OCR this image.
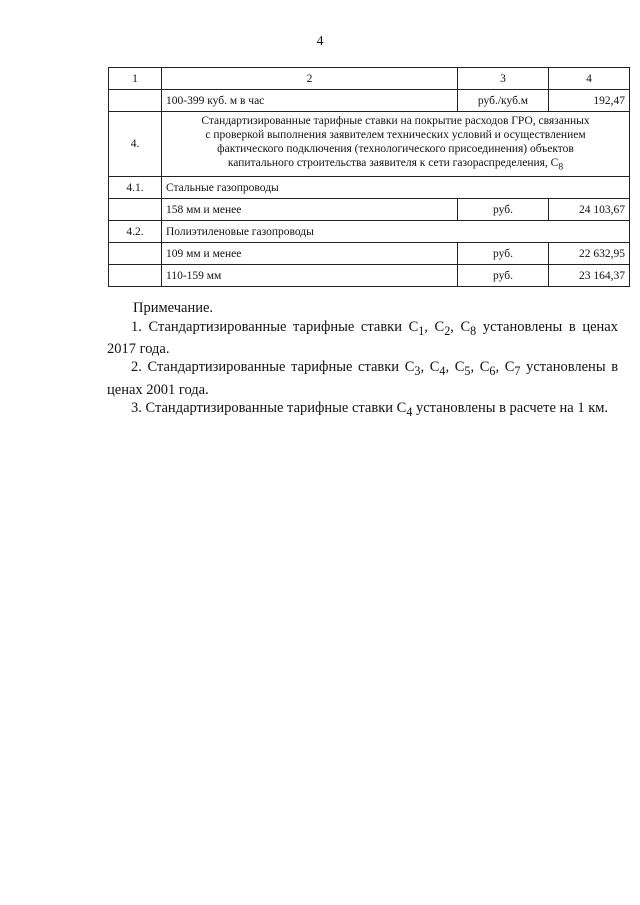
4
1	2	3	4
	100-399 куб. м в час	руб./куб.м	192,47
4.	Стандартизированные тарифные ставки на покрытие расходов ГРО, связанных
с проверкой выполнения заявителем технических условий и осуществлением
фактического подключения (технологического присоединения) объектов
капитального строительства заявителя к сети газораспределения, $С_8$
4.1.	Стальные газопроводы		
	158 мм и менее	руб.	24 103,67
4.2.	Полиэтиленовые газопроводы		
	109 мм и менее	руб.	22 632,95
	110-159 мм	руб.	23 164,37

Примечание.

1. Стандартизированные тарифные ставки $С_1$, $С_2$, $С_8$ установлены в ценах 2017 года.

2. Стандартизированные тарифные ставки $С_3$, $С_4$, $С_5$, $С_6$, $С_7$ установлены в ценах 2001 года.

3. Стандартизированные тарифные ставки $С_4$ установлены в расчете на 1 км.
